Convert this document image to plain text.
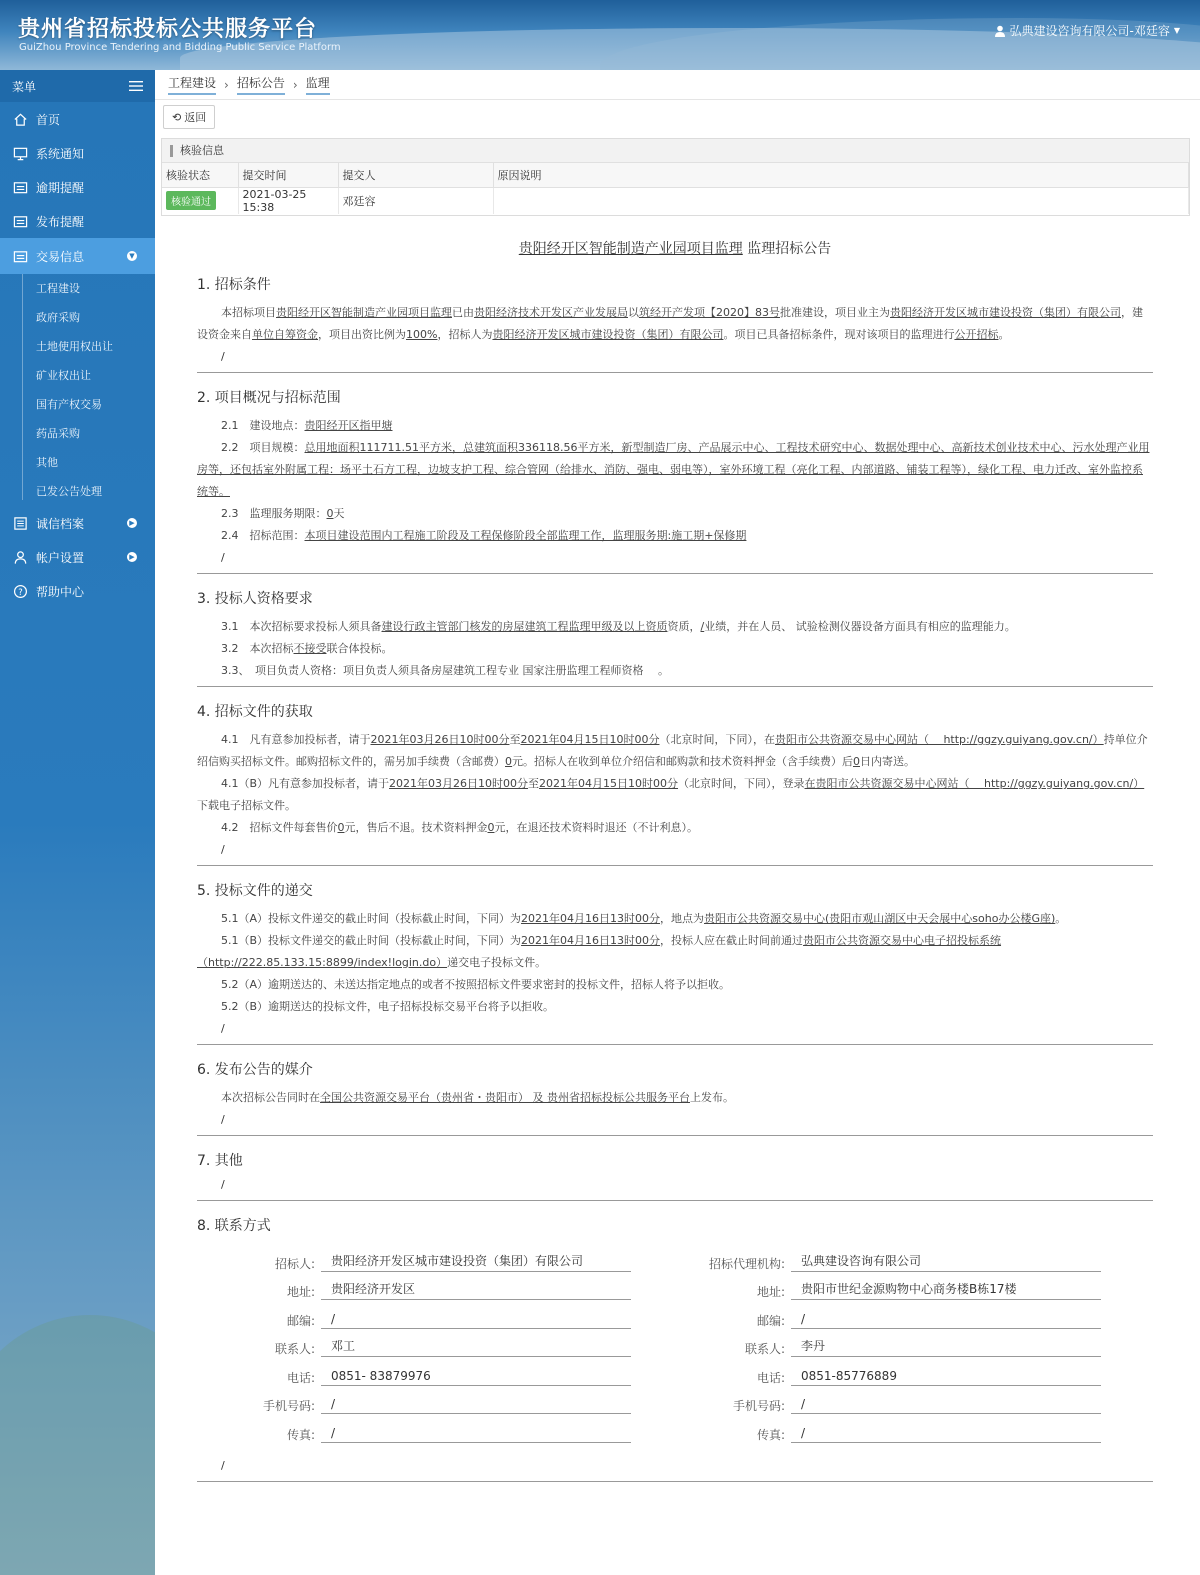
贵州省招标投标公共服务平台
GuiZhou Province Tendering and Bidding Public Service Platform
弘典建设咨询有限公司-邓廷容 ▼
菜单
首页
系统通知
逾期提醒
发布提醒
交易信息	▼
工程建设
政府采购
土地使用权出让
矿业权出让
国有产权交易
药品采购
其他
已发公告处理
诚信档案	▶
帐户设置	▶
? 帮助中心
工程建设 › 招标公告 › 监理
⟲ 返回
核验信息
核验状态	提交时间	提交人	原因说明
核验通过	2021-03-25 15:38	邓廷容	
贵阳经开区智能制造产业园项目监理 监理招标公告
1. 招标条件
本招标项目贵阳经开区智能制造产业园项目监理已由贵阳经济技术开发区产业发展局以筑经开产发项【2020】83号批准建设，项目业主为贵阳经济开发区城市建设投资（集团）有限公司，建设资金来自单位自筹资金，项目出资比例为100%，招标人为贵阳经济开发区城市建设投资（集团）有限公司。项目已具备招标条件，现对该项目的监理进行公开招标。
/
2. 项目概况与招标范围
2.1　建设地点：贵阳经开区指甲塘
2.2　项目规模：总用地面积111711.51平方米，总建筑面积336118.56平方米，新型制造厂房、产品展示中心、工程技术研究中心、数据处理中心、高新技术创业技术中心、污水处理产业用房等，还包括室外附属工程：场平土石方工程，边坡支护工程、综合管网（给排水、消防、强电、弱电等），室外环境工程（亮化工程、内部道路、铺装工程等），绿化工程、电力迁改、室外监控系统等。
2.3　监理服务期限：0天
2.4　招标范围：本项目建设范围内工程施工阶段及工程保修阶段全部监理工作，监理服务期:施工期+保修期
/
3. 投标人资格要求
3.1　本次招标要求投标人须具备建设行政主管部门核发的房屋建筑工程监理甲级及以上资质资质，/业绩，并在人员、 试验检测仪器设备方面具有相应的监理能力。
3.2　本次招标不接受联合体投标。
3.3、　项目负责人资格：项目负责人须具备房屋建筑工程专业 国家注册监理工程师资格　 。
4. 招标文件的获取
4.1　凡有意参加投标者，请于2021年03月26日10时00分至2021年04月15日10时00分（北京时间，下同），在贵阳市公共资源交易中心网站（　 http://ggzy.guiyang.gov.cn/）持单位介绍信购买招标文件。邮购招标文件的，需另加手续费（含邮费）0元。招标人在收到单位介绍信和邮购款和技术资料押金（含手续费）后0日内寄送。
4.1（B）凡有意参加投标者，请于2021年03月26日10时00分至2021年04月15日10时00分（北京时间，下同），登录在贵阳市公共资源交易中心网站（　 http://ggzy.guiyang.gov.cn/）下载电子招标文件。
4.2　招标文件每套售价0元，售后不退。技术资料押金0元，在退还技术资料时退还（不计利息）。
/
5. 投标文件的递交
5.1（A）投标文件递交的截止时间（投标截止时间，下同）为2021年04月16日13时00分，地点为贵阳市公共资源交易中心(贵阳市观山湖区中天会展中心soho办公楼G座)。
5.1（B）投标文件递交的截止时间（投标截止时间，下同）为2021年04月16日13时00分，投标人应在截止时间前通过贵阳市公共资源交易中心电子招投标系统（http://222.85.133.15:8899/index!login.do）递交电子投标文件。
5.2（A）逾期送达的、未送达指定地点的或者不按照招标文件要求密封的投标文件，招标人将予以拒收。
5.2（B）逾期送达的投标文件，电子招标投标交易平台将予以拒收。
/
6. 发布公告的媒介
本次招标公告同时在全国公共资源交易平台（贵州省・贵阳市） 及 贵州省招标投标公共服务平台上发布。
/
7. 其他
/
8. 联系方式
招标人:	贵阳经济开发区城市建设投资（集团）有限公司
地址:	贵阳经济开发区
邮编:	/
联系人:	邓工
电话:	0851- 83879976
手机号码:	/
传真:	/
招标代理机构:	弘典建设咨询有限公司
地址:	贵阳市世纪金源购物中心商务楼B栋17楼
邮编:	/
联系人:	李丹
电话:	0851-85776889
手机号码:	/
传真:	/
/
